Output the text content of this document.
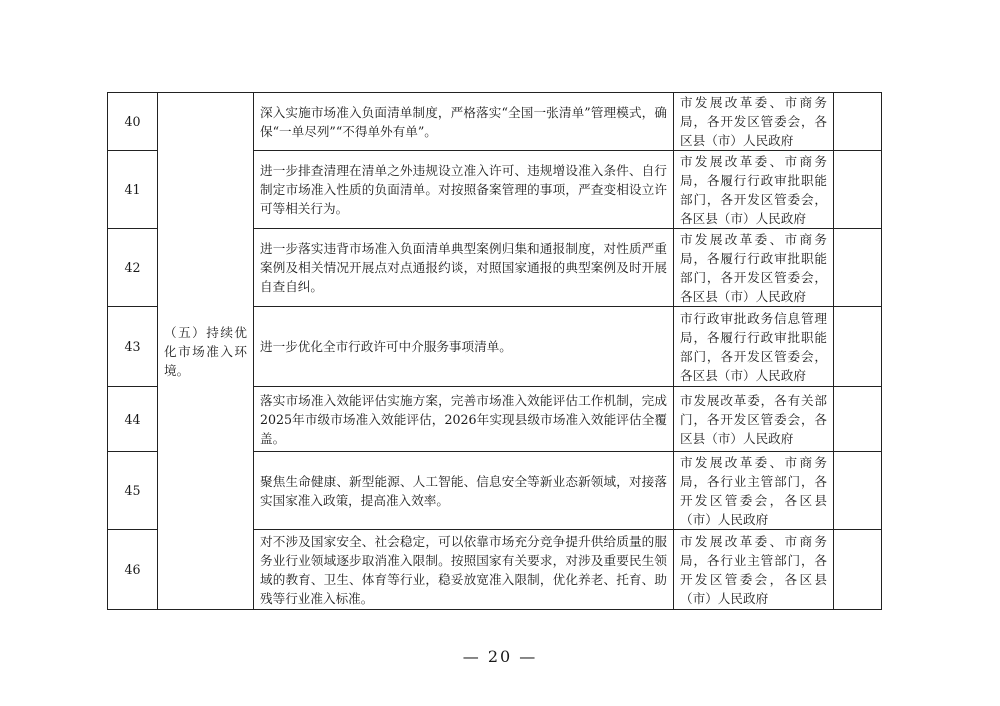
40	（五）持续优化市场准入环境。	深入实施市场准入负面清单制度，严格落实“全国一张清单”管理模式，确保“一单尽列”“不得单外有单”。	市发展改革委、市商务局，各开发区管委会，各区县（市）人民政府	
41		进一步排查清理在清单之外违规设立准入许可、违规增设准入条件、自行制定市场准入性质的负面清单。对按照备案管理的事项，严查变相设立许可等相关行为。	市发展改革委、市商务局，各履行行政审批职能部门，各开发区管委会，各区县（市）人民政府	
42		进一步落实违背市场准入负面清单典型案例归集和通报制度，对性质严重案例及相关情况开展点对点通报约谈，对照国家通报的典型案例及时开展自查自纠。	市发展改革委、市商务局，各履行行政审批职能部门，各开发区管委会，各区县（市）人民政府	
43		进一步优化全市行政许可中介服务事项清单。	市行政审批政务信息管理局，各履行行政审批职能部门，各开发区管委会，各区县（市）人民政府	
44		落实市场准入效能评估实施方案，完善市场准入效能评估工作机制，完成2025年市级市场准入效能评估，2026年实现县级市场准入效能评估全覆盖。	市发展改革委，各有关部门，各开发区管委会，各区县（市）人民政府	
45		聚焦生命健康、新型能源、人工智能、信息安全等新业态新领域，对接落实国家准入政策，提高准入效率。	市发展改革委、市商务局，各行业主管部门，各开发区管委会，各区县（市）人民政府	
46		对不涉及国家安全、社会稳定，可以依靠市场充分竞争提升供给质量的服务业行业领域逐步取消准入限制。按照国家有关要求，对涉及重要民生领域的教育、卫生、体育等行业，稳妥放宽准入限制，优化养老、托育、助残等行业准入标准。	市发展改革委、市商务局，各行业主管部门，各开发区管委会，各区县（市）人民政府	
— 20 —
